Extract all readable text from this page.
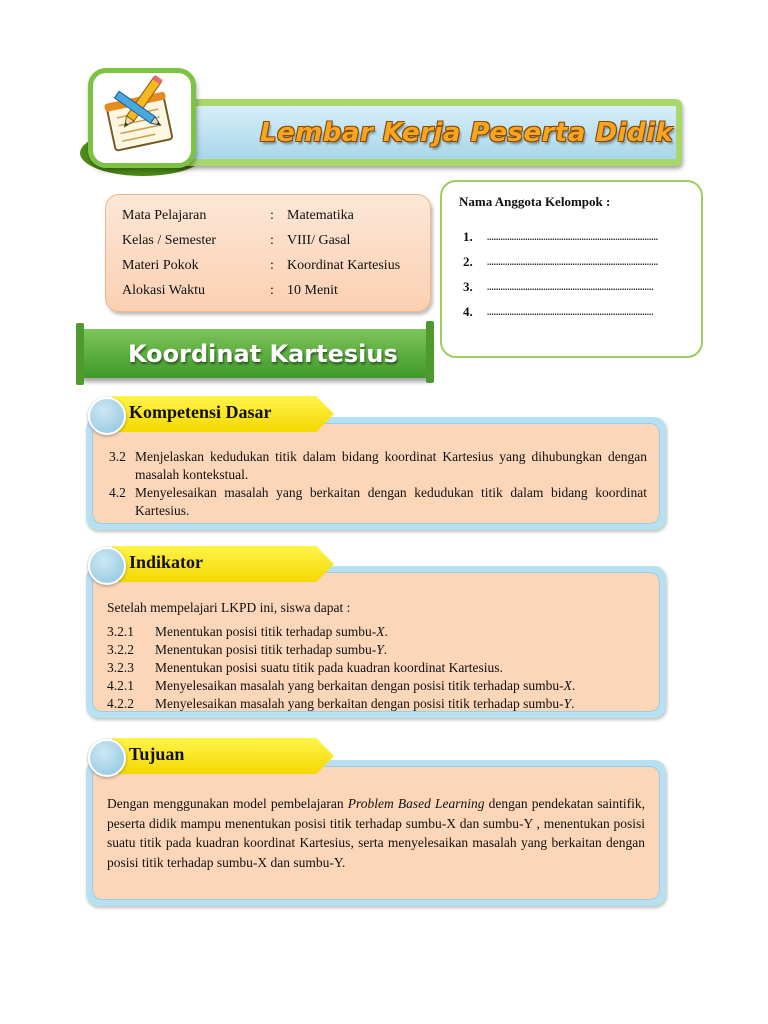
Lembar Kerja Peserta Didik
Mata Pelajaran	: Matematika
Kelas / Semester	: VIII/ Gasal
Materi Pokok	: Koordinat Kartesius
Alokasi Waktu	: 10 Menit
Nama Anggota Kelompok :
1.	............................................................................
2.	............................................................................
3.	..........................................................................
4.	..........................................................................
Koordinat Kartesius
3.2 Menjelaskan kedudukan titik dalam bidang koordinat Kartesius yang dihubungkan dengan masalah kontekstual.
4.2 Menyelesaikan masalah yang berkaitan dengan kedudukan titik dalam bidang koordinat Kartesius.
Kompetensi Dasar
Setelah mempelajari LKPD ini, siswa dapat :
3.2.1	Menentukan posisi titik terhadap sumbu-X.
3.2.2	Menentukan posisi titik terhadap sumbu-Y.
3.2.3	Menentukan posisi suatu titik pada kuadran koordinat Kartesius.
4.2.1	Menyelesaikan masalah yang berkaitan dengan posisi titik terhadap sumbu-X.
4.2.2	Menyelesaikan masalah yang berkaitan dengan posisi titik terhadap sumbu-Y.
Indikator

Dengan menggunakan model pembelajaran Problem Based Learning dengan pendekatan saintifik, peserta didik mampu menentukan posisi titik terhadap sumbu-X dan sumbu-Y , menentukan posisi suatu titik pada kuadran koordinat Kartesius, serta menyelesaikan masalah yang berkaitan dengan posisi titik terhadap sumbu-X dan sumbu-Y.

Tujuan
